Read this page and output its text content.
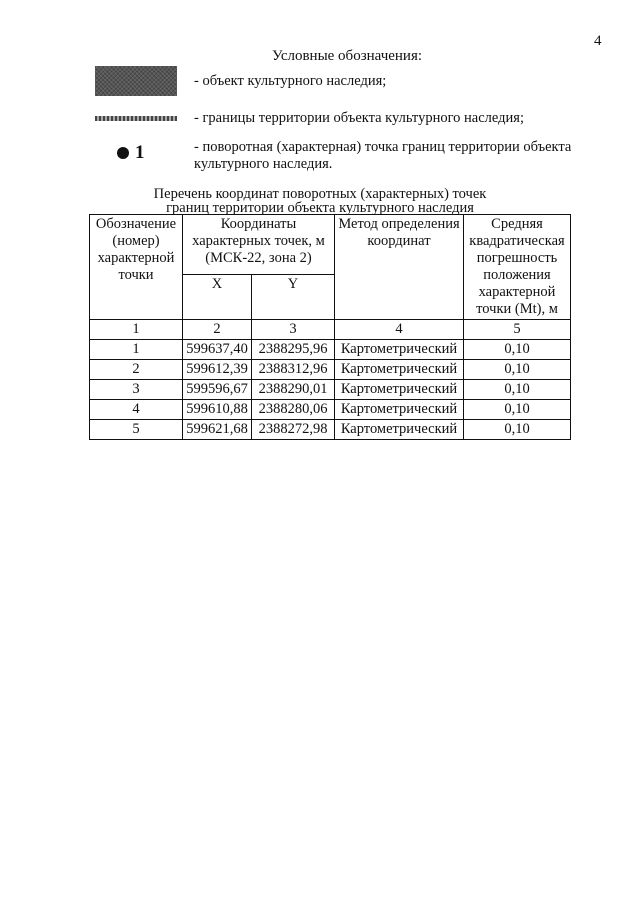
4
Условные обозначения:
- объект культурного наследия;
- границы территории объекта культурного наследия;
1	- поворотная (характерная) точка границ территории объекта культурного наследия.
Перечень координат поворотных (характерных) точек
границ территории объекта культурного наследия
Обозначение (номер) характерной точки	Координаты характерных точек, м (МСК-22, зона 2)		Метод определения координат	Средняя квадратическая погрешность положения характерной точки (Mt), м
	X	Y		
1	2	3	4	5
1	599637,40	2388295,96	Картометрический	0,10
2	599612,39	2388312,96	Картометрический	0,10
3	599596,67	2388290,01	Картометрический	0,10
4	599610,88	2388280,06	Картометрический	0,10
5	599621,68	2388272,98	Картометрический	0,10
